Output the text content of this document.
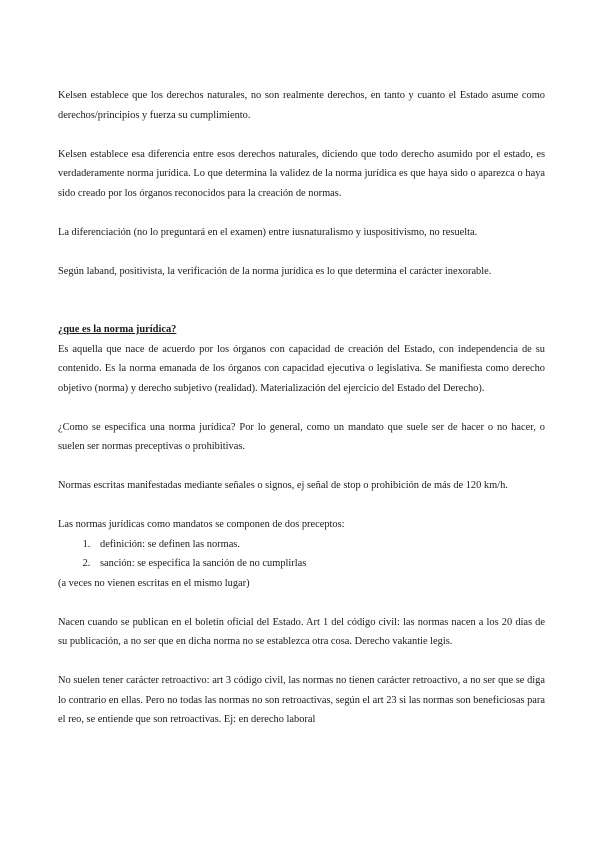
Kelsen establece que los derechos naturales, no son realmente derechos, en tanto y cuanto el Estado asume como derechos/principios y fuerza su cumplimiento.

Kelsen establece esa diferencia entre esos derechos naturales, diciendo que todo derecho asumido por el estado, es verdaderamente norma jurídica. Lo que determina la validez de la norma jurídica es que haya sido o aparezca o haya sido creado por los órganos reconocidos para la creación de normas.

La diferenciación (no lo preguntará en el examen) entre iusnaturalismo y iuspositivismo, no resuelta.

Según laband, positivista, la verificación de la norma jurídica es lo que determina el carácter inexorable.

¿que es la norma jurídica?

Es aquella que nace de acuerdo por los órganos con capacidad de creación del Estado, con independencia de su contenido. Es la norma emanada de los órganos con capacidad ejecutiva o legislativa. Se manifiesta como derecho objetivo (norma) y derecho subjetivo (realidad). Materialización del ejercicio del Estado del Derecho).

¿Como se especifica una norma jurídica? Por lo general, como un mandato que suele ser de hacer o no hacer, o suelen ser normas preceptivas o prohibitivas.

Normas escritas manifestadas mediante señales o signos, ej señal de stop o prohibición de más de 120 km/h.

Las normas jurídicas como mandatos se componen de dos preceptos:

1. definición: se definen las normas.
2. sanción: se especifica la sanción de no cumplirlas

(a veces no vienen escritas en el mismo lugar)

Nacen cuando se publican en el boletín oficial del Estado. Art 1 del código civil: las normas nacen a los 20 días de su publicación, a no ser que en dicha norma no se establezca otra cosa. Derecho vakantie legis.

No suelen tener carácter retroactivo: art 3 código civil, las normas no tienen carácter retroactivo, a no ser que se diga lo contrario en ellas. Pero no todas las normas no son retroactivas, según el art 23 si las normas son beneficiosas para el reo, se entiende que son retroactivas. Ej: en derecho laboral
